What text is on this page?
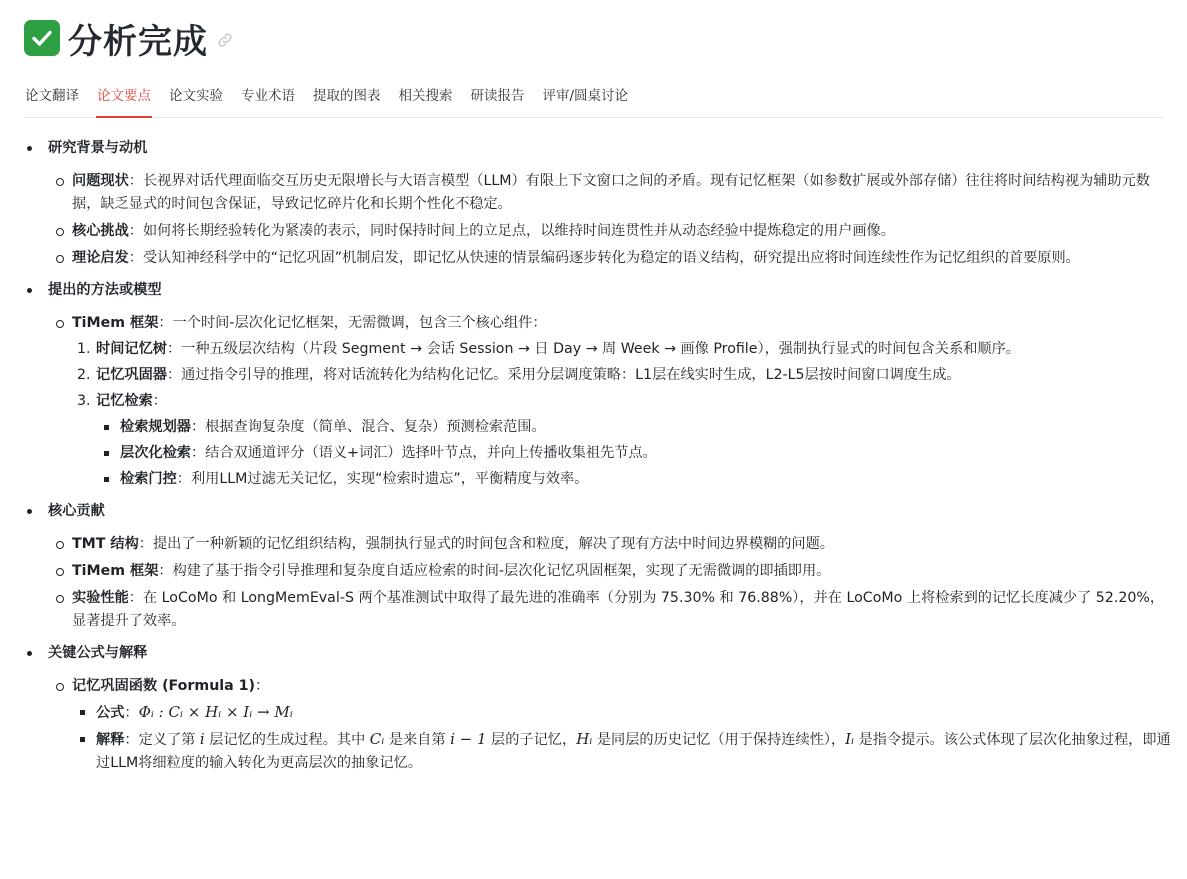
分析完成
论文翻译 论文要点 论文实验 专业术语 提取的图表 相关搜索 研读报告 评审/圆桌讨论
研究背景与动机
问题现状：长视界对话代理面临交互历史无限增长与大语言模型（LLM）有限上下文窗口之间的矛盾。现有记忆框架（如参数扩展或外部存储）往往将时间结构视为辅助元数据，缺乏显式的时间包含保证，导致记忆碎片化和长期个性化不稳定。
核心挑战：如何将长期经验转化为紧凑的表示，同时保持时间上的立足点，以维持时间连贯性并从动态经验中提炼稳定的用户画像。
理论启发：受认知神经科学中的“记忆巩固”机制启发，即记忆从快速的情景编码逐步转化为稳定的语义结构，研究提出应将时间连续性作为记忆组织的首要原则。
提出的方法或模型
TiMem 框架：一个时间-层次化记忆框架，无需微调，包含三个核心组件：
1. 时间记忆树：一种五级层次结构（片段 Segment → 会话 Session → 日 Day → 周 Week → 画像 Profile），强制执行显式的时间包含关系和顺序。
2. 记忆巩固器：通过指令引导的推理，将对话流转化为结构化记忆。采用分层调度策略：L1层在线实时生成，L2-L5层按时间窗口调度生成。
3. 记忆检索：
检索规划器：根据查询复杂度（简单、混合、复杂）预测检索范围。
层次化检索：结合双通道评分（语义+词汇）选择叶节点，并向上传播收集祖先节点。
检索门控：利用LLM过滤无关记忆，实现“检索时遗忘”，平衡精度与效率。
核心贡献
TMT 结构：提出了一种新颖的记忆组织结构，强制执行显式的时间包含和粒度，解决了现有方法中时间边界模糊的问题。
TiMem 框架：构建了基于指令引导推理和复杂度自适应检索的时间-层次化记忆巩固框架，实现了无需微调的即插即用。
实验性能：在 LoCoMo 和 LongMemEval-S 两个基准测试中取得了最先进的准确率（分别为 75.30% 和 76.88%），并在 LoCoMo 上将检索到的记忆长度减少了 52.20%，显著提升了效率。
关键公式与解释
记忆巩固函数 (Formula 1)：
公式：Φᵢ : Cᵢ × Hᵢ × Iᵢ → Mᵢ
解释：定义了第 i 层记忆的生成过程。其中 Cᵢ 是来自第 i − 1 层的子记忆，Hᵢ 是同层的历史记忆（用于保持连续性），Iᵢ 是指令提示。该公式体现了层次化抽象过程，即通过LLM将细粒度的输入转化为更高层次的抽象记忆。
